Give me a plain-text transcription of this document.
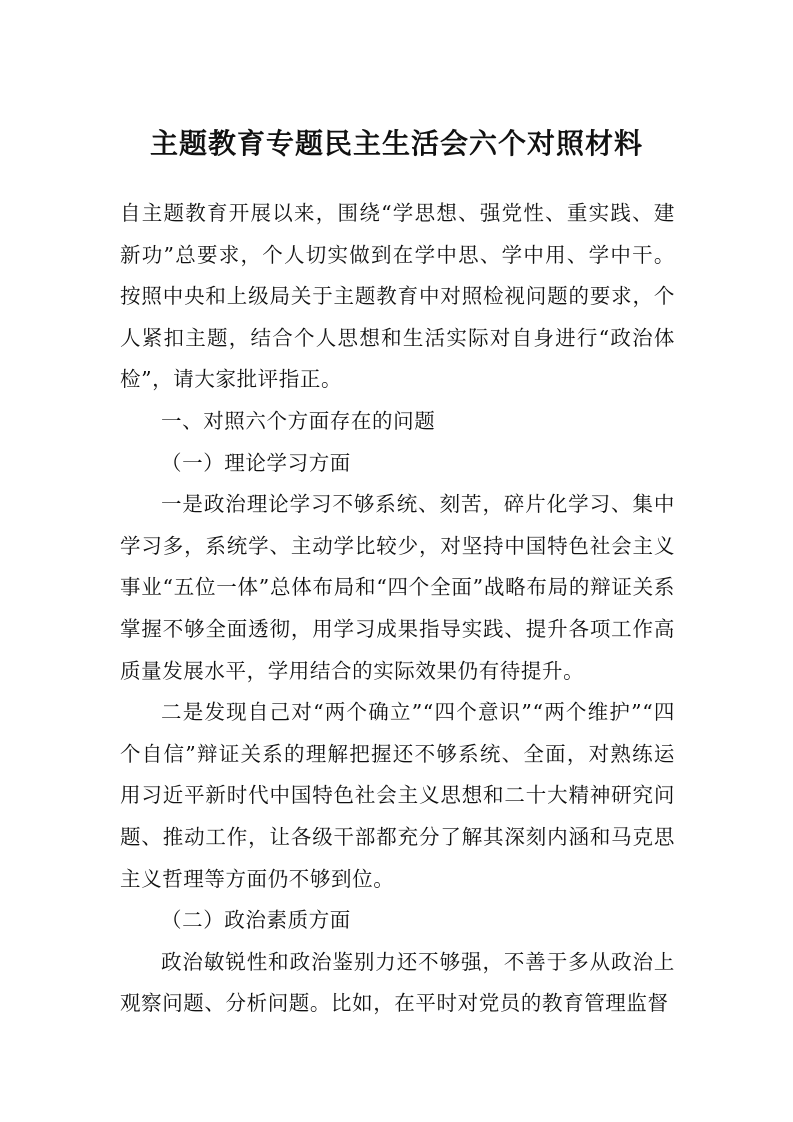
主题教育专题民主生活会六个对照材料

自主题教育开展以来，围绕“学思想、强党性、重实践、建新功”总要求，个人切实做到在学中思、学中用、学中干。按照中央和上级局关于主题教育中对照检视问题的要求，个人紧扣主题，结合个人思想和生活实际对自身进行“政治体检”，请大家批评指正。

一、对照六个方面存在的问题

（一）理论学习方面

一是政治理论学习不够系统、刻苦，碎片化学习、集中学习多，系统学、主动学比较少，对坚持中国特色社会主义事业“五位一体”总体布局和“四个全面”战略布局的辩证关系掌握不够全面透彻，用学习成果指导实践、提升各项工作高质量发展水平，学用结合的实际效果仍有待提升。

二是发现自己对“两个确立”“四个意识”“两个维护”“四个自信”辩证关系的理解把握还不够系统、全面，对熟练运用习近平新时代中国特色社会主义思想和二十大精神研究问题、推动工作，让各级干部都充分了解其深刻内涵和马克思主义哲理等方面仍不够到位。

（二）政治素质方面

政治敏锐性和政治鉴别力还不够强，不善于多从政治上观察问题、分析问题。比如，在平时对党员的教育管理监督
